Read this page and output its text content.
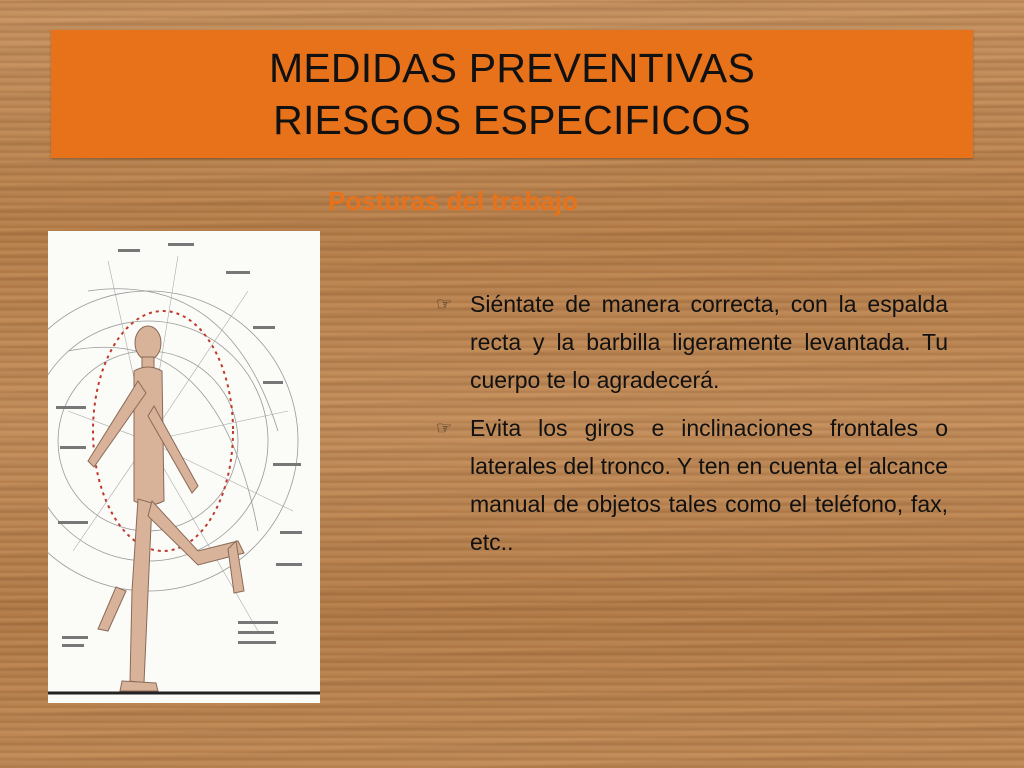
MEDIDAS PREVENTIVAS
RIESGOS ESPECIFICOS
Posturas del trabajo
☞ Siéntate de manera correcta, con la espalda recta y la barbilla ligeramente levantada. Tu cuerpo te lo agradecerá.
☞ Evita los giros e inclinaciones frontales o laterales del tronco. Y ten en cuenta el alcance manual de objetos tales como el teléfono, fax, etc..
